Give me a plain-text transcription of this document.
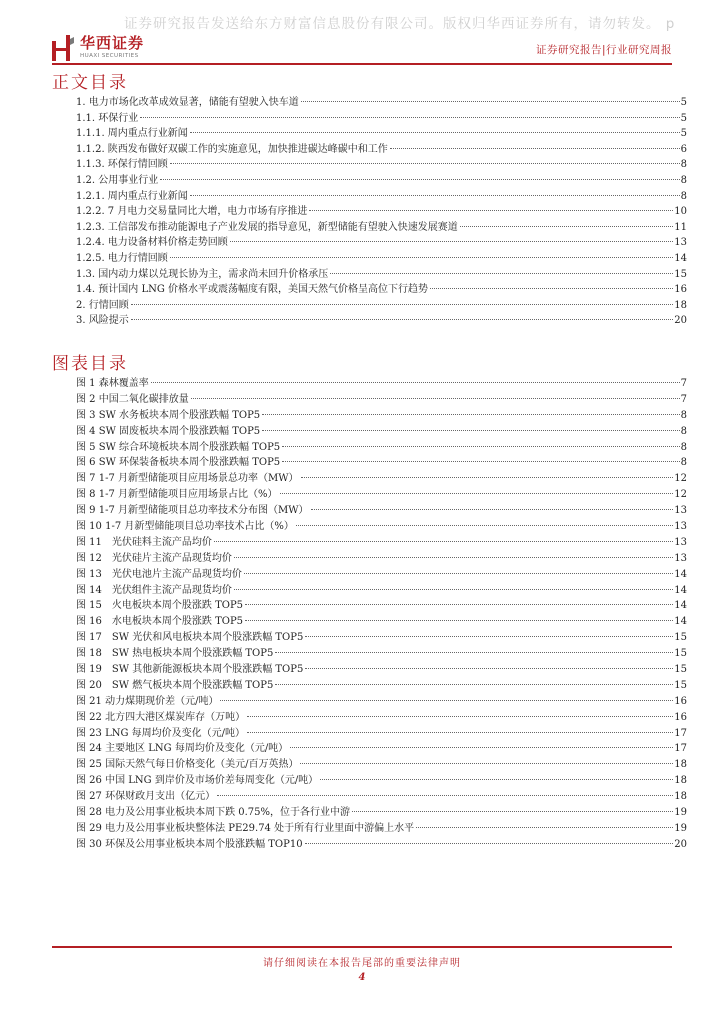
证券研究报告发送给东方财富信息股份有限公司。版权归华西证券所有，请勿转发。 p
华西证券
HUAXI SECURITIES
证券研究报告|行业研究周报
正文目录
1. 电力市场化改革成效显著，储能有望驶入快车道	5
1.1. 环保行业	5
1.1.1. 周内重点行业新闻	5
1.1.2. 陕西发布做好双碳工作的实施意见，加快推进碳达峰碳中和工作	6
1.1.3. 环保行情回顾	8
1.2. 公用事业行业	8
1.2.1. 周内重点行业新闻	8
1.2.2. 7 月电力交易量同比大增，电力市场有序推进	10
1.2.3. 工信部发布推动能源电子产业发展的指导意见，新型储能有望驶入快速发展赛道	11
1.2.4. 电力设备材料价格走势回顾	13
1.2.5. 电力行情回顾	14
1.3. 国内动力煤以兑现长协为主，需求尚未回升价格承压	15
1.4. 预计国内 LNG 价格水平或震荡幅度有限，美国天然气价格呈高位下行趋势	16
2. 行情回顾	18
3. 风险提示	20
图表目录
图 1 森林覆盖率	7
图 2 中国二氧化碳排放量	7
图 3 SW 水务板块本周个股涨跌幅 TOP5	8
图 4 SW 固废板块本周个股涨跌幅 TOP5	8
图 5 SW 综合环境板块本周个股涨跌幅 TOP5	8
图 6 SW 环保装备板块本周个股涨跌幅 TOP5	8
图 7 1-7 月新型储能项目应用场景总功率（MW）	12
图 8 1-7 月新型储能项目应用场景占比（%）	12
图 9 1-7 月新型储能项目总功率技术分布图（MW）	13
图 10 1-7 月新型储能项目总功率技术占比（%）	13
图 11　光伏硅料主流产品均价	13
图 12　光伏硅片主流产品现货均价	13
图 13　光伏电池片主流产品现货均价	14
图 14　光伏组件主流产品现货均价	14
图 15　火电板块本周个股涨跌 TOP5	14
图 16　水电板块本周个股涨跌 TOP5	14
图 17　SW 光伏和风电板块本周个股涨跌幅 TOP5	15
图 18　SW 热电板块本周个股涨跌幅 TOP5	15
图 19　SW 其他新能源板块本周个股涨跌幅 TOP5	15
图 20　SW 燃气板块本周个股涨跌幅 TOP5	15
图 21 动力煤期现价差（元/吨）	16
图 22 北方四大港区煤炭库存（万吨）	16
图 23 LNG 每周均价及变化（元/吨）	17
图 24 主要地区 LNG 每周均价及变化（元/吨）	17
图 25 国际天然气每日价格变化（美元/百万英热）	18
图 26 中国 LNG 到岸价及市场价差每周变化（元/吨）	18
图 27 环保财政月支出（亿元）	18
图 28 电力及公用事业板块本周下跌 0.75%，位于各行业中游	19
图 29 电力及公用事业板块整体法 PE29.74 处于所有行业里面中游偏上水平	19
图 30 环保及公用事业板块本周个股涨跌幅 TOP10	20
请仔细阅读在本报告尾部的重要法律声明
4
